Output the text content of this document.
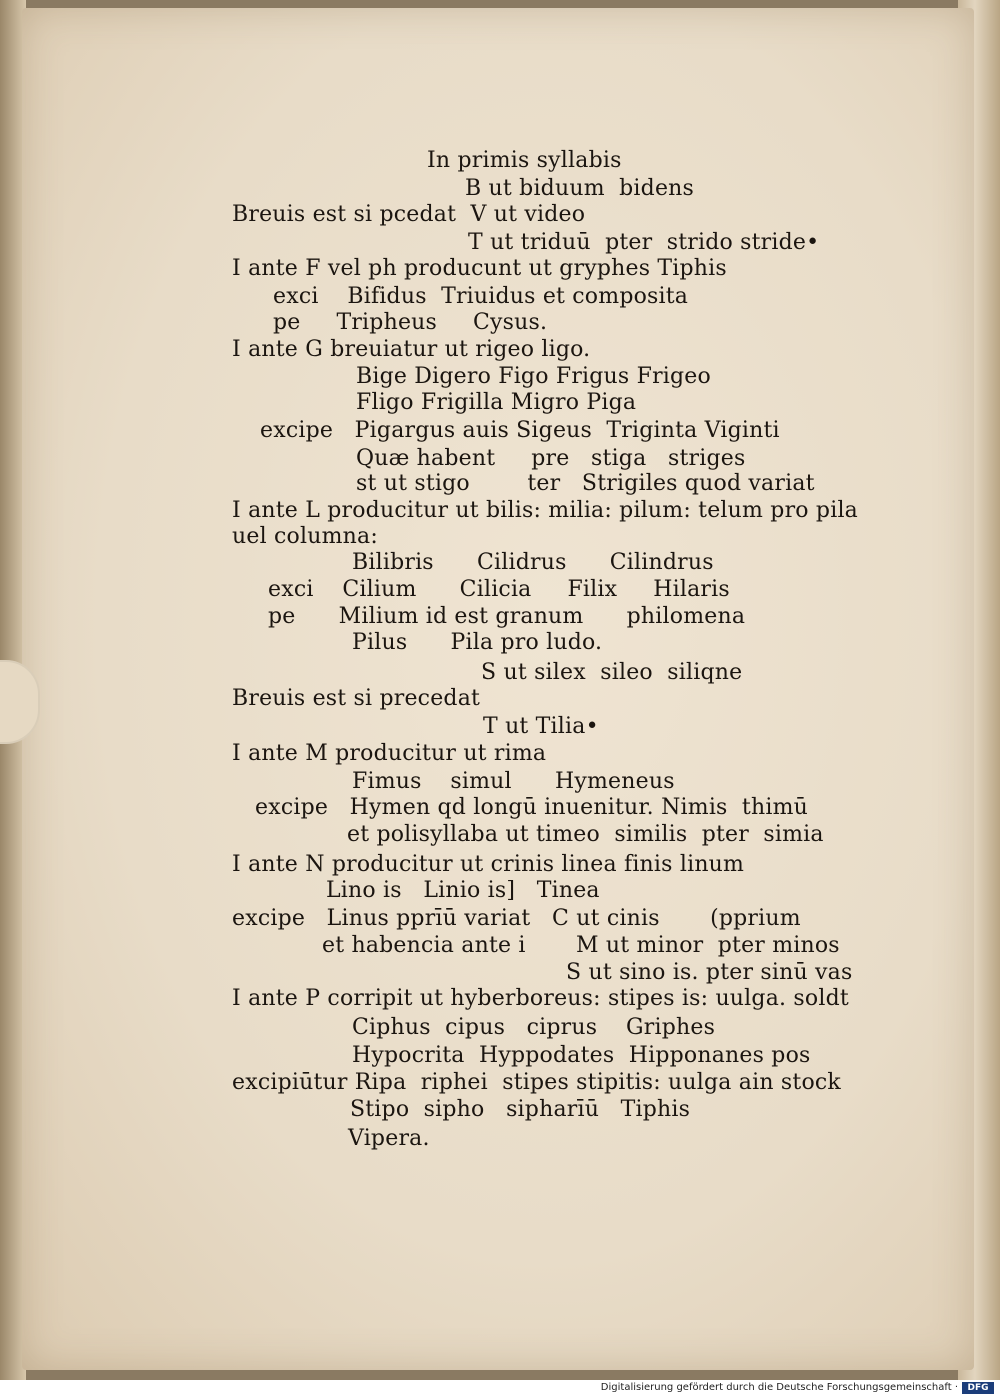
In primis syllabis
B ut biduum  bidens
Breuis est si pcedat  V ut video
T ut triduū  pter  strido stride•
I ante F vel ph producunt ut gryphes Tiphis
exci    Bifidus  Triuidus et composita
pe     Tripheus     Cysus.
I ante G breuiatur ut rigeo ligo.
Bige Digero Figo Frigus Frigeo
Fligo Frigilla Migro Piga
excipe   Pigargus auis Sigeus  Triginta Viginti
Quæ habent     pre   stiga   striges
st ut stigo        ter   Strigiles quod variat
I ante L producitur ut bilis: milia: pilum: telum pro pila
uel columna:
Bilibris      Cilidrus      Cilindrus
exci    Cilium      Cilicia     Filix     Hilaris
pe      Milium id est granum      philomena
Pilus      Pila pro ludo.
S ut silex  sileo  siliqne
Breuis est si precedat
T ut Tilia•
I ante M producitur ut rima
Fimus    simul      Hymeneus
excipe   Hymen qd longū inuenitur. Nimis  thimū
et polisyllaba ut timeo  similis  pter  simia
I ante N producitur ut crinis linea finis linum
Lino is   Linio is]   Tinea
excipe   Linus pprīū variat   C ut cinis       (pprium
et habencia ante i       M ut minor  pter minos
S ut sino is. pter sinū vas
I ante P corripit ut hyberboreus: stipes is: uulga. soldt
Ciphus  cipus   ciprus    Griphes
Hypocrita  Hyppodates  Hipponanes pos
excipiūtur Ripa  riphei  stipes stipitis: uulga ain stock
Stipo  sipho   sipharīū   Tiphis
Vipera.
Digitalisierung gefördert durch die Deutsche Forschungsgemeinschaft ·	DFG
